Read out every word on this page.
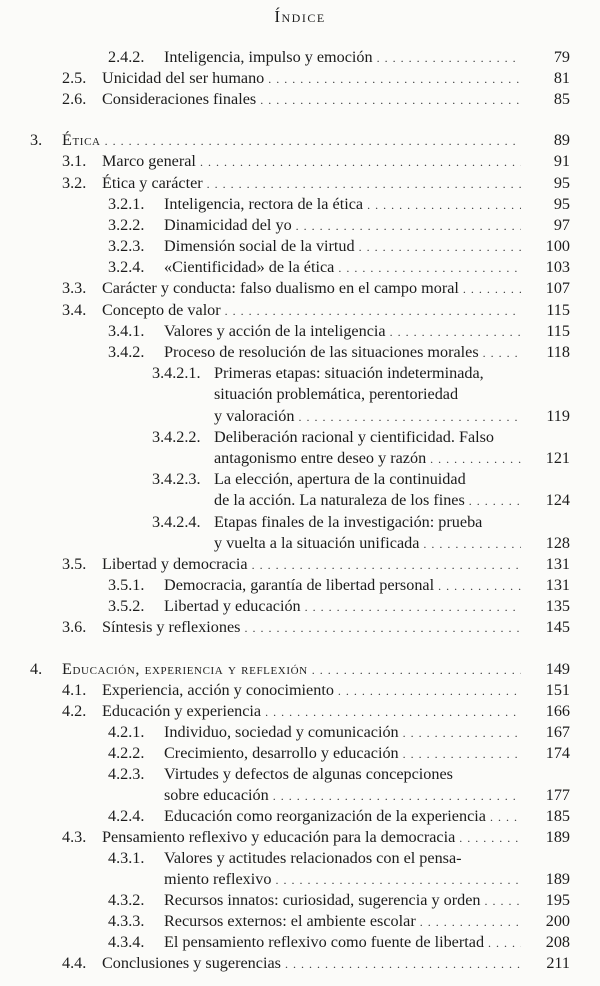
Índice
2.4.2.	Inteligencia, impulso y emoción . . .	79
2.5. Unicidad del ser humano . . .	81
2.6. Consideraciones finales . . .	85
3.	Ética . . .	89
3.1. Marco general . . .	91
3.2. Ética y carácter . . .	95
3.2.1.	Inteligencia, rectora de la ética . . .	95
3.2.2.	Dinamicidad del yo . . .	97
3.2.3.	Dimensión social de la virtud . . .	100
3.2.4.	«Cientificidad» de la ética . . .	103
3.3. Carácter y conducta: falso dualismo en el campo moral . . .	107
3.4. Concepto de valor . . .	115
3.4.1.	Valores y acción de la inteligencia . . .	115
3.4.2.	Proceso de resolución de las situaciones morales . . .	118
3.4.2.1. Primeras etapas: situación indeterminada,
situación problemática, perentoriedad
y valoración . . .	119
3.4.2.2. Deliberación racional y cientificidad. Falso
antagonismo entre deseo y razón . . .	121
3.4.2.3. La elección, apertura de la continuidad
de la acción. La naturaleza de los fines . . .	124
3.4.2.4. Etapas finales de la investigación: prueba
y vuelta a la situación unificada . . .	128
3.5. Libertad y democracia . . .	131
3.5.1.	Democracia, garantía de libertad personal . . .	131
3.5.2.	Libertad y educación . . .	135
3.6. Síntesis y reflexiones . . .	145
4.	Educación, experiencia y reflexión . . .	149
4.1. Experiencia, acción y conocimiento . . .	151
4.2. Educación y experiencia . . .	166
4.2.1.	Individuo, sociedad y comunicación . . .	167
4.2.2.	Crecimiento, desarrollo y educación . . .	174
4.2.3. Virtudes y defectos de algunas concepciones
sobre educación . . .	177
4.2.4.	Educación como reorganización de la experiencia . . .	185
4.3. Pensamiento reflexivo y educación para la democracia . . .	189
4.3.1. Valores y actitudes relacionados con el pensa-
miento reflexivo . . .	189
4.3.2.	Recursos innatos: curiosidad, sugerencia y orden . . .	195
4.3.3.	Recursos externos: el ambiente escolar . . .	200
4.3.4.	El pensamiento reflexivo como fuente de libertad . . .	208
4.4. Conclusiones y sugerencias . . .	211
